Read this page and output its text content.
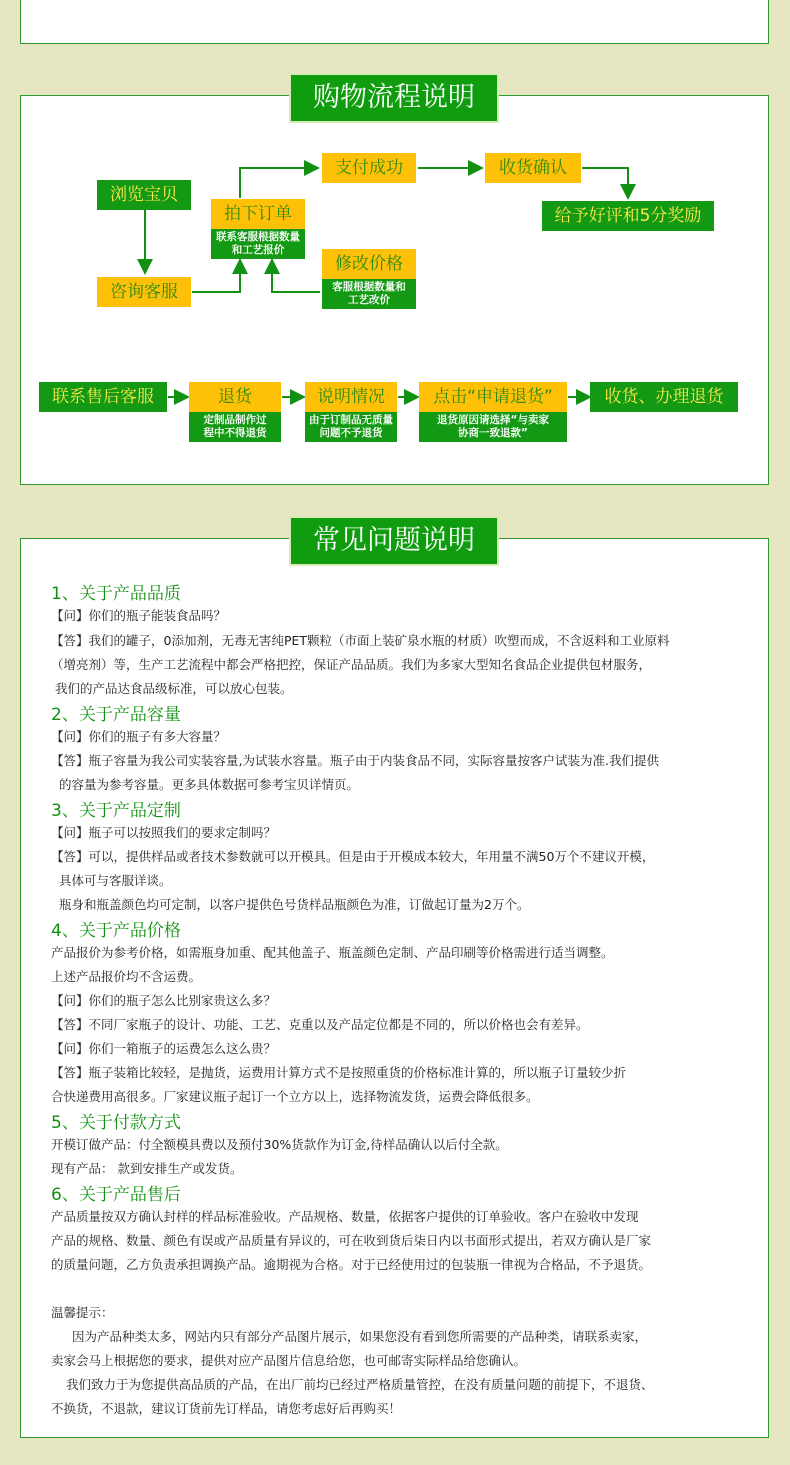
购物流程说明
浏览宝贝
咨询客服
拍下订单
联系客服根据数量和工艺报价
修改价格
客服根据数量和工艺改价
支付成功	收货确认
给予好评和5分奖励
联系售后客服	退货
定制品制作过程中不得退货
说明情况
由于订制品无质量问题不予退货
点击“申请退货”
退货原因请选择“与卖家协商一致退款”
收货、办理退货
常见问题说明
1、关于产品品质
【问】你们的瓶子能装食品吗？
【答】我们的罐子，0添加剂，无毒无害纯PET颗粒（市面上装矿泉水瓶的材质）吹塑而成，不含返料和工业原料
（增亮剂）等，生产工艺流程中都会严格把控，保证产品品质。我们为多家大型知名食品企业提供包材服务，
我们的产品达食品级标准，可以放心包装。
2、关于产品容量
【问】你们的瓶子有多大容量？
【答】瓶子容量为我公司实装容量,为试装水容量。瓶子由于内装食品不同，实际容量按客户试装为准.我们提供
的容量为参考容量。更多具体数据可参考宝贝详情页。
3、关于产品定制
【问】瓶子可以按照我们的要求定制吗？
【答】可以，提供样品或者技术参数就可以开模具。但是由于开模成本较大，年用量不满50万个不建议开模，
具体可与客服详谈。
瓶身和瓶盖颜色均可定制，以客户提供色号货样品瓶颜色为准，订做起订量为2万个。
4、关于产品价格
产品报价为参考价格，如需瓶身加重、配其他盖子、瓶盖颜色定制、产品印刷等价格需进行适当调整。
上述产品报价均不含运费。
【问】你们的瓶子怎么比别家贵这么多？
【答】不同厂家瓶子的设计、功能、工艺、克重以及产品定位都是不同的，所以价格也会有差异。
【问】你们一箱瓶子的运费怎么这么贵？
【答】瓶子装箱比较轻，是抛货，运费用计算方式不是按照重货的价格标准计算的，所以瓶子订量较少折
合快递费用高很多。厂家建议瓶子起订一个立方以上，选择物流发货，运费会降低很多。
5、关于付款方式
开模订做产品：付全额模具费以及预付30%货款作为订金,待样品确认以后付全款。
现有产品： 款到安排生产或发货。
6、关于产品售后
产品质量按双方确认封样的样品标准验收。产品规格、数量，依据客户提供的订单验收。客户在验收中发现
产品的规格、数量、颜色有误或产品质量有异议的，可在收到货后柒日内以书面形式提出，若双方确认是厂家
的质量问题，乙方负责承担调换产品。逾期视为合格。对于已经使用过的包装瓶一律视为合格品，不予退货。
温馨提示：
因为产品种类太多，网站内只有部分产品图片展示，如果您没有看到您所需要的产品种类，请联系卖家，
卖家会马上根据您的要求，提供对应产品图片信息给您，也可邮寄实际样品给您确认。
我们致力于为您提供高品质的产品，在出厂前均已经过严格质量管控，在没有质量问题的前提下，不退货、
不换货，不退款，建议订货前先订样品，请您考虑好后再购买！
